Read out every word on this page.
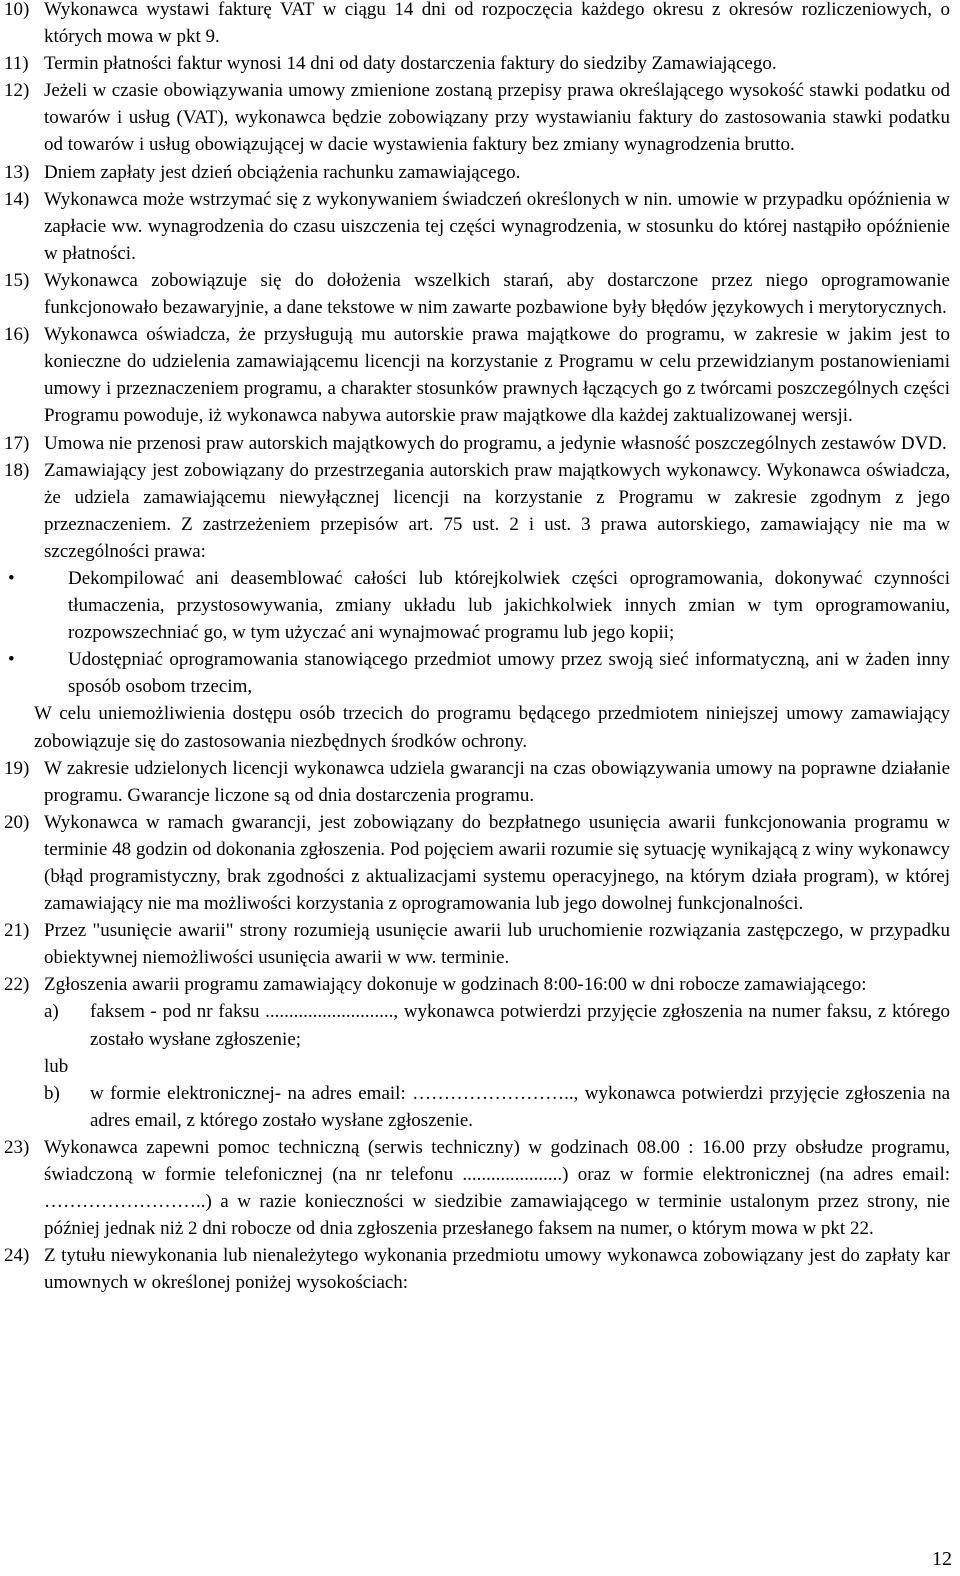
10) Wykonawca wystawi fakturę VAT w ciągu 14 dni od rozpoczęcia każdego okresu z okresów rozliczeniowych, o których mowa w pkt 9.
11) Termin płatności faktur wynosi 14 dni od daty dostarczenia faktury do siedziby Zamawiającego.
12) Jeżeli w czasie obowiązywania umowy zmienione zostaną przepisy prawa określającego wysokość stawki podatku od towarów i usług (VAT), wykonawca będzie zobowiązany przy wystawianiu faktury do zastosowania stawki podatku od towarów i usług obowiązującej w dacie wystawienia faktury bez zmiany wynagrodzenia brutto.
13) Dniem zapłaty jest dzień obciążenia rachunku zamawiającego.
14) Wykonawca może wstrzymać się z wykonywaniem świadczeń określonych w nin. umowie w przypadku opóźnienia w zapłacie ww. wynagrodzenia do czasu uiszczenia tej części wynagrodzenia, w stosunku do której nastąpiło opóźnienie w płatności.
15) Wykonawca zobowiązuje się do dołożenia wszelkich starań, aby dostarczone przez niego oprogramowanie funkcjonowało bezawaryjnie, a dane tekstowe w nim zawarte pozbawione były błędów językowych i merytorycznych.
16) Wykonawca oświadcza, że przysługują mu autorskie prawa majątkowe do programu, w zakresie w jakim jest to konieczne do udzielenia zamawiającemu licencji na korzystanie z Programu w celu przewidzianym postanowieniami umowy i przeznaczeniem programu, a charakter stosunków prawnych łączących go z twórcami poszczególnych części Programu powoduje, iż wykonawca nabywa autorskie praw majątkowe dla każdej zaktualizowanej wersji.
17) Umowa nie przenosi praw autorskich majątkowych do programu, a jedynie własność poszczególnych zestawów DVD.
18) Zamawiający jest zobowiązany do przestrzegania autorskich praw majątkowych wykonawcy. Wykonawca oświadcza, że udziela zamawiającemu niewyłącznej licencji na korzystanie z Programu w zakresie zgodnym z jego przeznaczeniem. Z zastrzeżeniem przepisów art. 75 ust. 2 i ust. 3 prawa autorskiego, zamawiający nie ma w szczególności prawa:
•	Dekompilować ani deasemblować całości lub którejkolwiek części oprogramowania, dokonywać czynności tłumaczenia, przystosowywania, zmiany układu lub jakichkolwiek innych zmian w tym oprogramowaniu, rozpowszechniać go, w tym użyczać ani wynajmować programu lub jego kopii;
•	Udostępniać oprogramowania stanowiącego przedmiot umowy przez swoją sieć informatyczną, ani w żaden inny sposób osobom trzecim,
W celu uniemożliwienia dostępu osób trzecich do programu będącego przedmiotem niniejszej umowy zamawiający zobowiązuje się do zastosowania niezbędnych środków ochrony.
19) W zakresie udzielonych licencji wykonawca udziela gwarancji na czas obowiązywania umowy na poprawne działanie programu. Gwarancje liczone są od dnia dostarczenia programu.
20) Wykonawca w ramach gwarancji, jest zobowiązany do bezpłatnego usunięcia awarii funkcjonowania programu w terminie 48 godzin od dokonania zgłoszenia. Pod pojęciem awarii rozumie się sytuację wynikającą z winy wykonawcy (błąd programistyczny, brak zgodności z aktualizacjami systemu operacyjnego, na którym działa program), w której zamawiający nie ma możliwości korzystania z oprogramowania lub jego dowolnej funkcjonalności.
21) Przez "usunięcie awarii" strony rozumieją usunięcie awarii lub uruchomienie rozwiązania zastępczego, w przypadku obiektywnej niemożliwości usunięcia awarii w ww. terminie.
22) Zgłoszenia awarii programu zamawiający dokonuje w godzinach 8:00-16:00 w dni robocze zamawiającego:
a) faksem - pod nr faksu ..........................., wykonawca potwierdzi przyjęcie zgłoszenia na numer faksu, z którego zostało wysłane zgłoszenie;
lub
b) w formie elektronicznej- na adres email: …………………….., wykonawca potwierdzi przyjęcie zgłoszenia na adres email, z którego zostało wysłane zgłoszenie.
23) Wykonawca zapewni pomoc techniczną (serwis techniczny) w godzinach 08.00 : 16.00 przy obsłudze programu, świadczoną w formie telefonicznej (na nr telefonu .....................) oraz w formie elektronicznej (na adres email: ……………………..) a w razie konieczności w siedzibie zamawiającego w terminie ustalonym przez strony, nie później jednak niż 2 dni robocze od dnia zgłoszenia przesłanego faksem na numer, o którym mowa w pkt 22.
24) Z tytułu niewykonania lub nienależytego wykonania przedmiotu umowy wykonawca zobowiązany jest do zapłaty kar umownych w określonej poniżej wysokościach:
12
